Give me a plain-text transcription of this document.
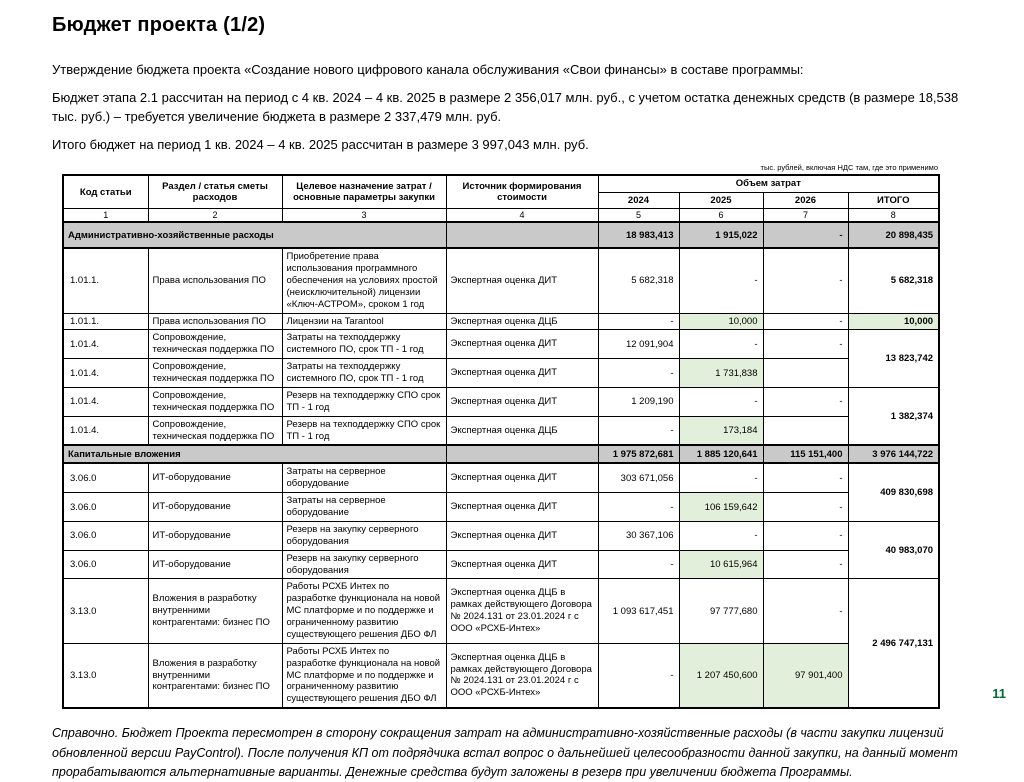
Бюджет проекта (1/2)

Утверждение бюджета проекта «Создание нового цифрового канала обслуживания «Свои финансы» в составе программы:

Бюджет этапа 2.1 рассчитан на период с 4 кв. 2024 – 4 кв. 2025 в размере 2 356,017 млн. руб., с учетом остатка денежных средств (в размере 18,538 тыс. руб.) – требуется увеличение бюджета в размере 2 337,479 млн. руб.

Итого бюджет на период 1 кв. 2024 – 4 кв. 2025 рассчитан в размере 3 997,043 млн. руб.

тыс. рублей, включая НДС там, где это применимо
Код статьи	Раздел / статья сметы расходов	Целевое назначение затрат / основные параметры закупки	Источник формирования стоимости	Объем затрат			
				2024	2025	2026	ИТОГО
1	2	3	4	5	6	7	8
Административно-хозяйственные расходы				18 983,413	1 915,022	-	20 898,435
1.01.1.	Права использования ПО	Приобретение права использования программного обеспечения на условиях простой (неисключительной) лицензии «Ключ-АСТРОМ», сроком 1 год	Экспертная оценка ДИТ	5 682,318	-	-	5 682,318
1.01.1.	Права использования ПО	Лицензии на Tarantool	Экспертная оценка ДЦБ	-	10,000	-	10,000
1.01.4.	Сопровождение, техническая поддержка ПО	Затраты на техподдержку системного ПО, срок ТП - 1 год	Экспертная оценка ДИТ	12 091,904	-	-	13 823,742
1.01.4.	Сопровождение, техническая поддержка ПО	Затраты на техподдержку системного ПО, срок ТП - 1 год	Экспертная оценка ДИТ	-	1 731,838		
1.01.4.	Сопровождение, техническая поддержка ПО	Резерв на техподдержку СПО срок ТП - 1 год	Экспертная оценка ДИТ	1 209,190	-	-	1 382,374
1.01.4.	Сопровождение, техническая поддержка ПО	Резерв на техподдержку СПО срок ТП - 1 год	Экспертная оценка ДЦБ	-	173,184		
Капитальные вложения				1 975 872,681	1 885 120,641	115 151,400	3 976 144,722
3.06.0	ИТ-оборудование	Затраты на серверное оборудование	Экспертная оценка ДИТ	303 671,056	-	-	409 830,698
3.06.0	ИТ-оборудование	Затраты на серверное оборудование	Экспертная оценка ДИТ	-	106 159,642	-	
3.06.0	ИТ-оборудование	Резерв на закупку серверного оборудования	Экспертная оценка ДИТ	30 367,106	-	-	40 983,070
3.06.0	ИТ-оборудование	Резерв на закупку серверного оборудования	Экспертная оценка ДИТ	-	10 615,964	-	
3.13.0	Вложения в разработку внутренними контрагентами: бизнес ПО	Работы РСХБ Интех по разработке функционала на новой МС платформе и по поддержке и ограниченному развитию существующего решения ДБО ФЛ	Экспертная оценка ДЦБ в рамках действующего Договора № 2024.131 от 23.01.2024 г с ООО «РСХБ-Интех»	1 093 617,451	97 777,680	-	2 496 747,131
3.13.0	Вложения в разработку внутренними контрагентами: бизнес ПО	Работы РСХБ Интех по разработке функционала на новой МС платформе и по поддержке и ограниченному развитию существующего решения ДБО ФЛ	Экспертная оценка ДЦБ в рамках действующего Договора № 2024.131 от 23.01.2024 г с ООО «РСХБ-Интех»	-	1 207 450,600	97 901,400	

Справочно. Бюджет Проекта пересмотрен в сторону сокращения затрат на административно-хозяйственные расходы (в части закупки лицензий обновленной версии PayControl). После получения КП от подрядчика встал вопрос о дальнейшей целесообразности данной закупки, на данный момент прорабатываются альтернативные варианты. Денежные средства будут заложены в резерв при увеличении бюджета Программы.

11
